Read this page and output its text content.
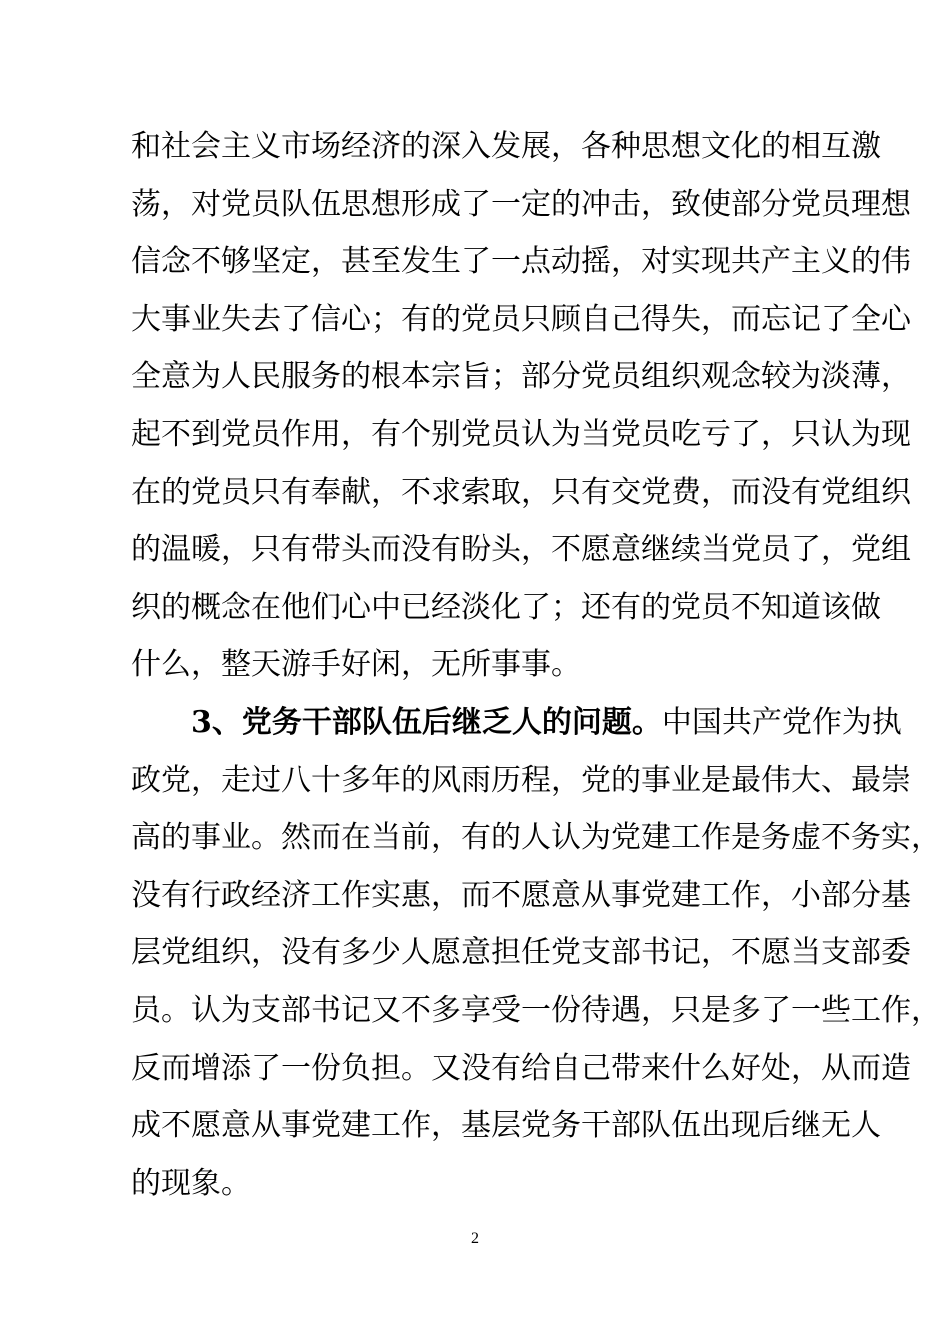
和社会主义市场经济的深入发展，各种思想文化的相互激
荡，对党员队伍思想形成了一定的冲击，致使部分党员理想
信念不够坚定，甚至发生了一点动摇，对实现共产主义的伟
大事业失去了信心；有的党员只顾自己得失，而忘记了全心
全意为人民服务的根本宗旨；部分党员组织观念较为淡薄，
起不到党员作用，有个别党员认为当党员吃亏了，只认为现
在的党员只有奉献，不求索取，只有交党费，而没有党组织
的温暖，只有带头而没有盼头，不愿意继续当党员了，党组
织的概念在他们心中已经淡化了；还有的党员不知道该做
什么，整天游手好闲，无所事事。
3、党务干部队伍后继乏人的问题。中国共产党作为执
政党，走过八十多年的风雨历程，党的事业是最伟大、最崇
高的事业。然而在当前，有的人认为党建工作是务虚不务实，
没有行政经济工作实惠，而不愿意从事党建工作，小部分基
层党组织，没有多少人愿意担任党支部书记，不愿当支部委
员。认为支部书记又不多享受一份待遇，只是多了一些工作，
反而增添了一份负担。又没有给自己带来什么好处，从而造
成不愿意从事党建工作，基层党务干部队伍出现后继无人
的现象。
2
